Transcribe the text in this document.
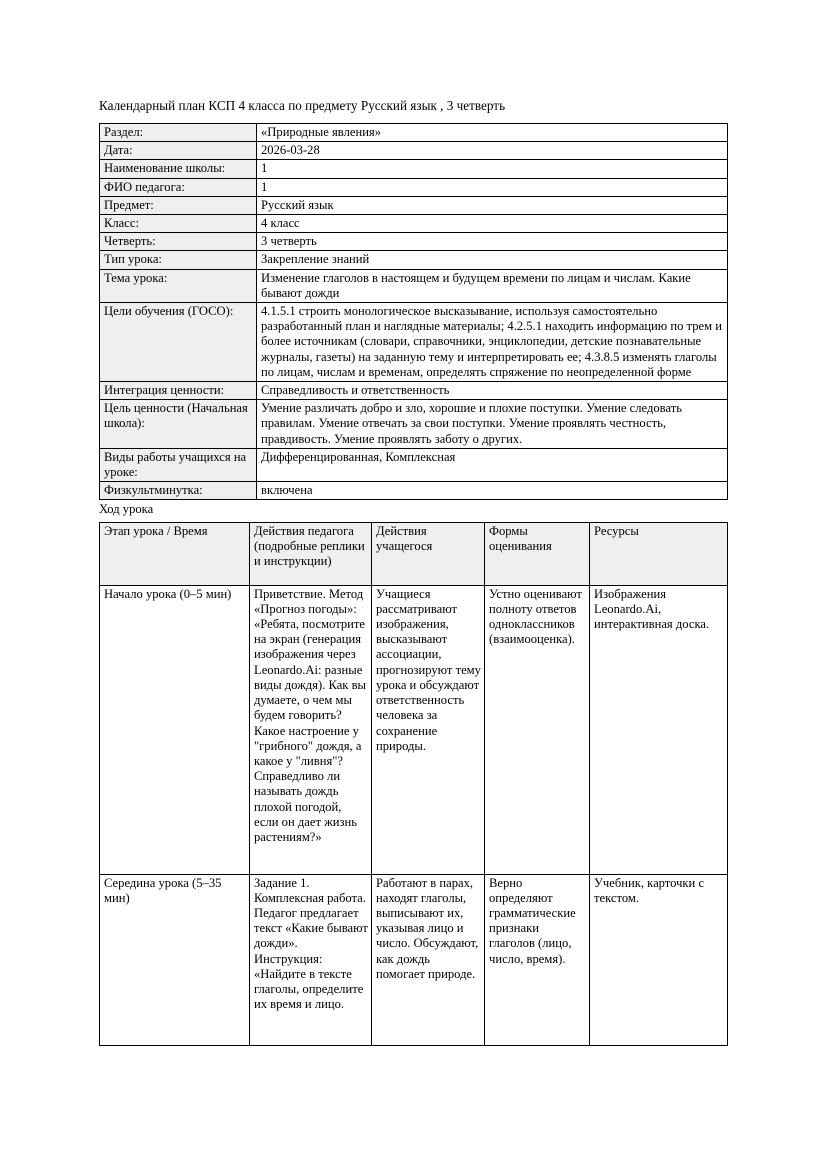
Календарный план КСП 4 класса по предмету Русский язык , 3 четверть

Раздел:	«Природные явления»
Дата:	2026-03-28
Наименование школы:	1
ФИО педагога:	1
Предмет:	Русский язык
Класс:	4 класс
Четверть:	3 четверть
Тип урока:	Закрепление знаний
Тема урока:	Изменение глаголов в настоящем и будущем времени по лицам и числам. Какие бывают дожди
Цели обучения (ГОСО):	4.1.5.1 строить монологическое высказывание, используя самостоятельно разработанный план и наглядные материалы; 4.2.5.1 находить информацию по трем и более источникам (словари, справочники, энциклопедии, детские познавательные журналы, газеты) на заданную тему и интерпретировать ее; 4.3.8.5 изменять глаголы по лицам, числам и временам, определять спряжение по неопределенной форме
Интеграция ценности:	Справедливость и ответственность
Цель ценности (Начальная школа):	Умение различать добро и зло, хорошие и плохие поступки. Умение следовать правилам. Умение отвечать за свои поступки. Умение проявлять честность, правдивость. Умение проявлять заботу о других.
Виды работы учащихся на уроке:	Дифференцированная, Комплексная
Физкультминутка:	включена

Ход урока

Этап урока / Время	Действия педагога (подробные реплики и инструкции)	Действия учащегося	Формы оценивания	Ресурсы

Начало урока (0–5 мин)	Приветствие. Метод «Прогноз погоды»: «Ребята, посмотрите на экран (генерация изображения через Leonardo.Ai: разные виды дождя). Как вы думаете, о чем мы будем говорить? Какое настроение у "грибного" дождя, а какое у "ливня"? Справедливо ли называть дождь плохой погодой, если он дает жизнь растениям?»	Учащиеся рассматривают изображения, высказывают ассоциации, прогнозируют тему урока и обсуждают ответственность человека за сохранение природы.	Устно оценивают полноту ответов одноклассников (взаимооценка).	Изображения Leonardo.Ai, интерактивная доска.

Середина урока (5–35 мин)	Задание 1. Комплексная работа. Педагог предлагает текст «Какие бывают дожди». Инструкция: «Найдите в тексте глаголы, определите их время и лицо.	Работают в парах, находят глаголы, выписывают их, указывая лицо и число. Обсуждают, как дождь помогает природе.	Верно определяют грамматические признаки глаголов (лицо, число, время).	Учебник, карточки с текстом.
